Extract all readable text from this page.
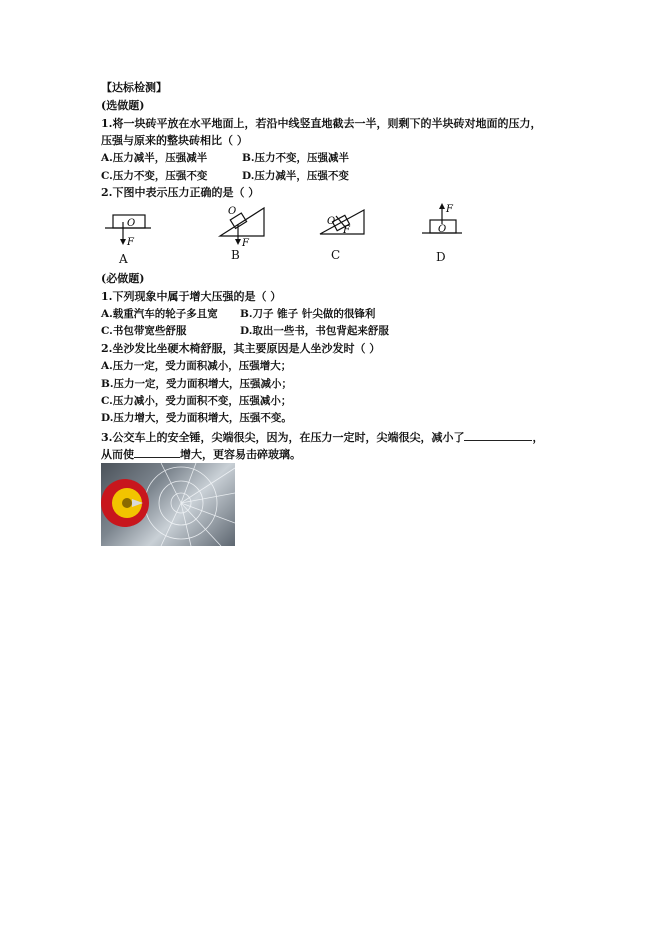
【达标检测】
(选做题)
1.将一块砖平放在水平地面上，若沿中线竖直地截去一半，则剩下的半块砖对地面的压力，
压强与原来的整块砖相比（ ）
A.压力减半，压强减半	B.压力不变，压强减半
C.压力不变，压强不变	D.压力减半，压强不变
2.下图中表示压力正确的是（ ）
O
F
A
O
F
B
O
F
C
O
F
D
(必做题)
1.下列现象中属于增大压强的是（ ）
A.载重汽车的轮子多且宽 B.刀子 锥子 针尖做的很锋利
C.书包带宽些舒服	D.取出一些书，书包背起来舒服
2.坐沙发比坐硬木椅舒服，其主要原因是人坐沙发时（ ）
A.压力一定，受力面积减小，压强增大；
B.压力一定，受力面积增大，压强减小；
C.压力减小，受力面积不变，压强减小；
D.压力增大，受力面积增大，压强不变。
3.公交车上的安全锤，尖端很尖，因为，在压力一定时，尖端很尖，减小了	，
从而使	增大，更容易击碎玻璃。
